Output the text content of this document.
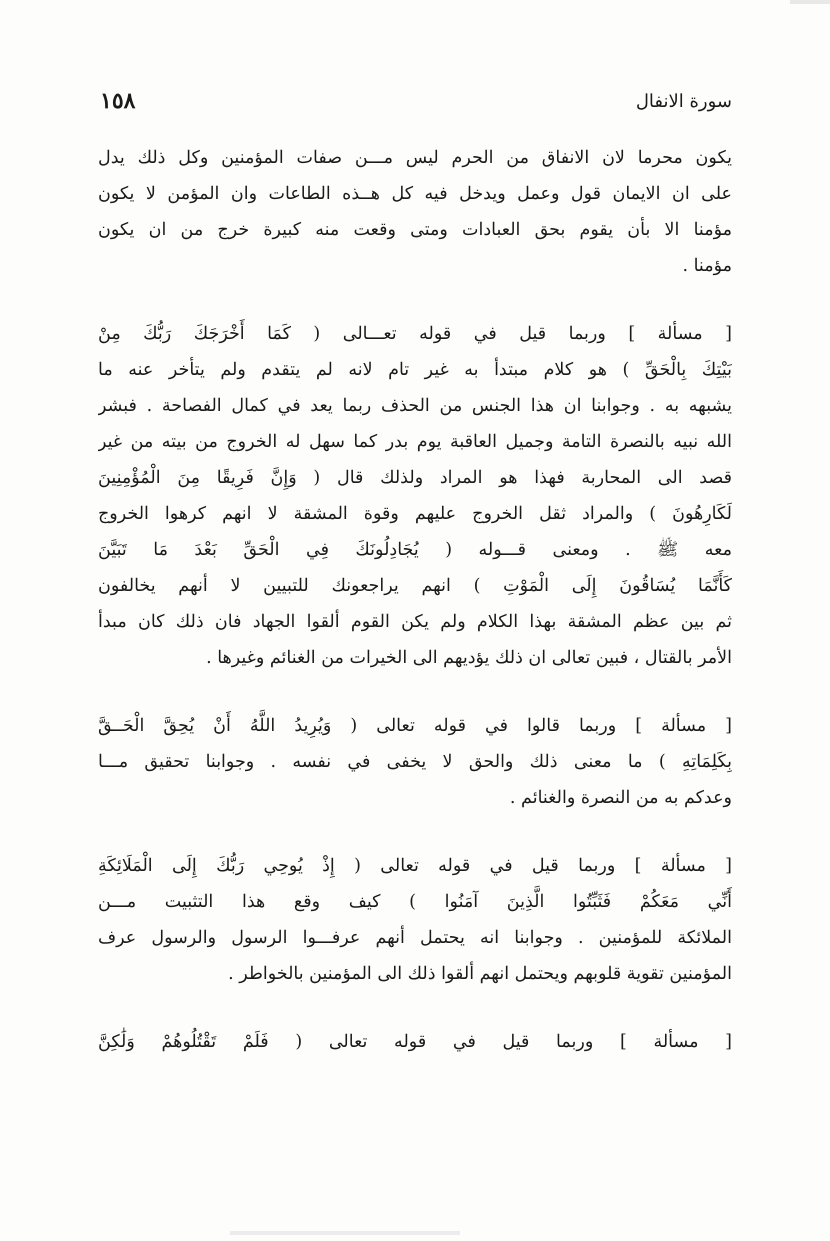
١٥٨	سورة الانفال
يكون محرما لان الانفاق من الحرم ليس مـــن صفات المؤمنين وكل ذلك يدل
على ان الايمان قول وعمل ويدخل فيه كل هــذه الطاعات وان المؤمن لا يكون
مؤمنا الا بأن يقوم بحق العبادات ومتى وقعت منه كبيرة خرج من ان يكون
مؤمنا .
[ مسألة ] وربما قيل في قوله تعـــالى ( كَمَا أَخْرَجَكَ رَبُّكَ مِنْ
بَيْتِكَ بِالْحَقِّ ) هو كلام مبتدأ به غير تام لانه لم يتقدم ولم يتأخر عنه ما
يشبهه به . وجوابنا ان هذا الجنس من الحذف ربما يعد في كمال الفصاحة . فبشر
الله نبيه بالنصرة التامة وجميل العاقبة يوم بدر كما سهل له الخروج من بيته من غير
قصد الى المحاربة فهذا هو المراد ولذلك قال ( وَإِنَّ فَرِيقًا مِنَ الْمُؤْمِنِينَ
لَكَارِهُونَ ) والمراد ثقل الخروج عليهم وقوة المشقة لا انهم كرهوا الخروج
معه ﷺ . ومعنى قـــوله ( يُجَادِلُونَكَ فِي الْحَقِّ بَعْدَ مَا تَبَيَّنَ
كَأَنَّمَا يُسَاقُونَ إِلَى الْمَوْتِ ) انهم يراجعونك للتبيين لا أنهم يخالفون
ثم بين عظم المشقة بهذا الكلام ولم يكن القوم ألقوا الجهاد فان ذلك كان مبدأ
الأمر بالقتال ، فبين تعالى ان ذلك يؤديهم الى الخيرات من الغنائم وغيرها .
[ مسألة ] وربما قالوا في قوله تعالى ( وَيُرِيدُ اللَّهُ أَنْ يُحِقَّ الْحَــقَّ
بِكَلِمَاتِهِ ) ما معنى ذلك والحق لا يخفى في نفسه . وجوابنا تحقيق مـــا
وعدكم به من النصرة والغنائم .
[ مسألة ] وربما قيل في قوله تعالى ( إِذْ يُوحِي رَبُّكَ إِلَى الْمَلَائِكَةِ
أَنِّي مَعَكُمْ فَثَبِّتُوا الَّذِينَ آمَنُوا ) كيف وقع هذا التثبيت مـــن
الملائكة للمؤمنين . وجوابنا انه يحتمل أنهم عرفـــوا الرسول والرسول عرف
المؤمنين تقوية قلوبهم ويحتمل انهم ألقوا ذلك الى المؤمنين بالخواطر .
[ مسألة ] وربما قيل في قوله تعالى ( فَلَمْ تَقْتُلُوهُمْ وَلَٰكِنَّ
